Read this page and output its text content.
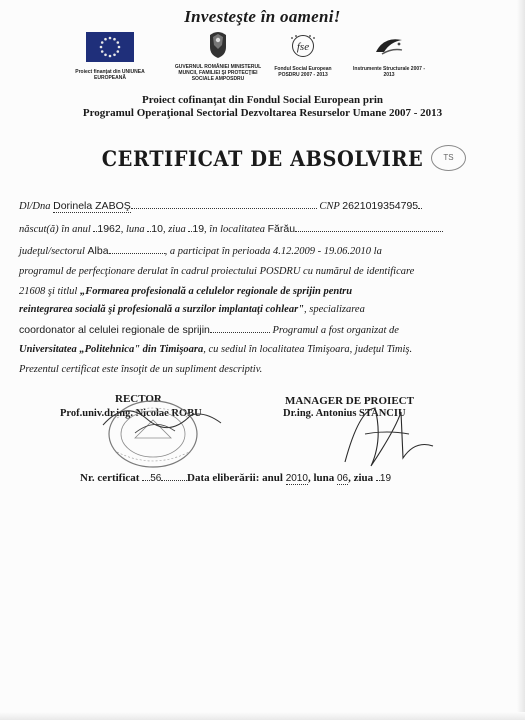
Investeşte în oameni!
Proiect finanţat din UNIUNEA EUROPEANĂ
GUVERNUL ROMÂNIEI MINISTERUL MUNCII, FAMILIEI ŞI PROTECŢIEI SOCIALE AMPOSDRU
fse
Fondul Social European POSDRU 2007 - 2013
Instrumente Structurale 2007 - 2013
Proiect cofinanţat din Fondul Social European prin
Programul Operaţional Sectorial Dezvoltarea Resurselor Umane 2007 - 2013
CERTIFICAT DE ABSOLVIRE	TS
Dl/Dna Dorinela ZABOŞ	CNP 2621019354795
născut(ă) în anul 1962, luna 10, ziua 19, în localitatea Fărău
judeţul/sectorul Alba	, a participat în perioada 4.12.2009 - 19.06.2010 la
programul de perfecţionare derulat în cadrul proiectului POSDRU cu numărul de identificare
21608 şi titlul „Formarea profesională a celulelor regionale de sprijin pentru
reintegrarea socială şi profesională a surzilor implantaţi cohlear", specializarea
coordonator al celulei regionale de sprijin	Programul a fost organizat de
Universitatea „Politehnica" din Timişoara, cu sediul în localitatea Timişoara, judeţul Timiş.
Prezentul certificat este însoţit de un supliment descriptiv.
RECTOR
Prof.univ.dr.ing. Nicolae ROBU
MANAGER DE PROIECT
Dr.ing. Antonius STANCIU
Nr. certificat 56	Data eliberării: anul 2010, luna 06, ziua 19
